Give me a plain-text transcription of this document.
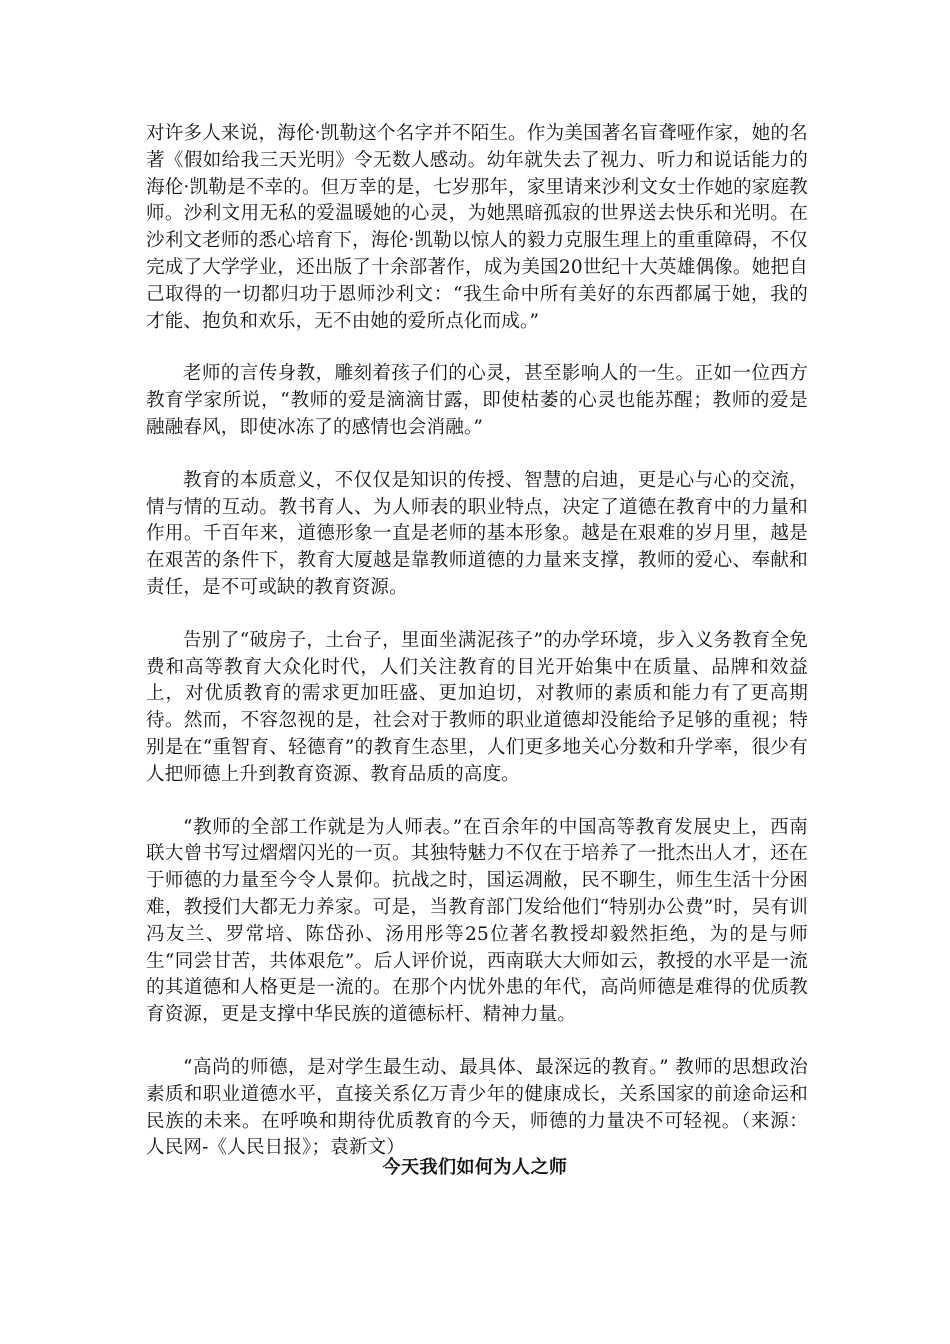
对许多人来说，海伦·凯勒这个名字并不陌生。作为美国著名盲聋哑作家，她的名著《假如给我三天光明》令无数人感动。幼年就失去了视力、听力和说话能力的海伦·凯勒是不幸的。但万幸的是，七岁那年，家里请来沙利文女士作她的家庭教师。沙利文用无私的爱温暖她的心灵，为她黑暗孤寂的世界送去快乐和光明。在沙利文老师的悉心培育下，海伦·凯勒以惊人的毅力克服生理上的重重障碍，不仅完成了大学学业，还出版了十余部著作，成为美国20世纪十大英雄偶像。她把自己取得的一切都归功于恩师沙利文：“我生命中所有美好的东西都属于她，我的才能、抱负和欢乐，无不由她的爱所点化而成。”

老师的言传身教，雕刻着孩子们的心灵，甚至影响人的一生。正如一位西方教育学家所说，“教师的爱是滴滴甘露，即使枯萎的心灵也能苏醒；教师的爱是融融春风，即使冰冻了的感情也会消融。”

教育的本质意义，不仅仅是知识的传授、智慧的启迪，更是心与心的交流，情与情的互动。教书育人、为人师表的职业特点，决定了道德在教育中的力量和作用。千百年来，道德形象一直是老师的基本形象。越是在艰难的岁月里，越是在艰苦的条件下，教育大厦越是靠教师道德的力量来支撑，教师的爱心、奉献和责任，是不可或缺的教育资源。

告别了“破房子，土台子，里面坐满泥孩子”的办学环境，步入义务教育全免费和高等教育大众化时代，人们关注教育的目光开始集中在质量、品牌和效益上，对优质教育的需求更加旺盛、更加迫切，对教师的素质和能力有了更高期待。然而，不容忽视的是，社会对于教师的职业道德却没能给予足够的重视；特别是在“重智育、轻德育”的教育生态里，人们更多地关心分数和升学率，很少有人把师德上升到教育资源、教育品质的高度。

“教师的全部工作就是为人师表。”在百余年的中国高等教育发展史上，西南联大曾书写过熠熠闪光的一页。其独特魅力不仅在于培养了一批杰出人才，还在于师德的力量至今令人景仰。抗战之时，国运凋敝，民不聊生，师生生活十分困难，教授们大都无力养家。可是，当教育部门发给他们“特别办公费”时，吴有训冯友兰、罗常培、陈岱孙、汤用彤等25位著名教授却毅然拒绝，为的是与师生“同尝甘苦，共体艰危”。后人评价说，西南联大大师如云，教授的水平是一流的其道德和人格更是一流的。在那个内忧外患的年代，高尚师德是难得的优质教育资源，更是支撑中华民族的道德标杆、精神力量。

“高尚的师德，是对学生最生动、最具体、最深远的教育。” 教师的思想政治素质和职业道德水平，直接关系亿万青少年的健康成长，关系国家的前途命运和民族的未来。在呼唤和期待优质教育的今天，师德的力量决不可轻视。（来源：人民网-《人民日报》；袁新文）

今天我们如何为人之师
